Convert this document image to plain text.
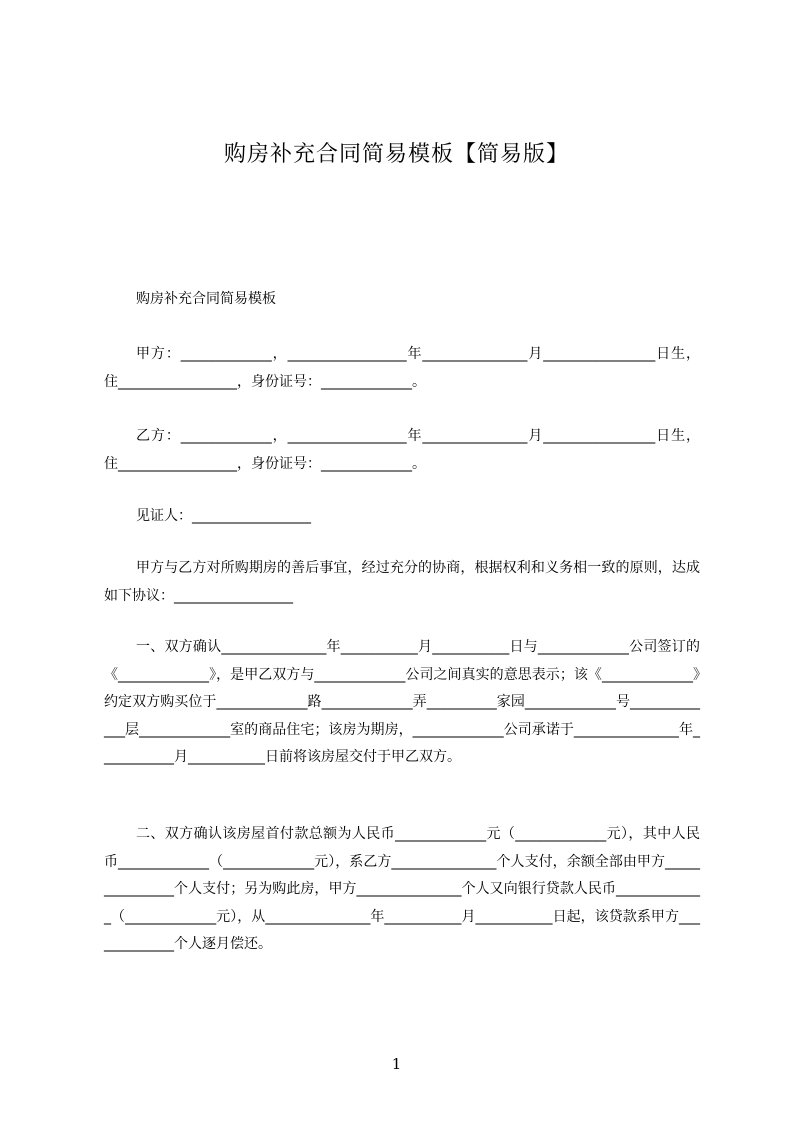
购房补充合同简易模板【简易版】
购房补充合同简易模板
甲方：_____________，_________________年_______________月________________日生，住_________________，身份证号：_____________。
乙方：_____________，_________________年_______________月________________日生，住_________________，身份证号：_____________。
见证人：_________________
甲方与乙方对所购期房的善后事宜，经过充分的协商，根据权利和义务相一致的原则，达成如下协议：_________________
一、双方确认_______________年___________月___________日与_____________公司签订的《_____________》，是甲乙双方与_____________公司之间真实的意思表示；该《_____________》约定双方购买位于_____________路_____________弄__________家园_____________号_____________层_____________室的商品住宅；该房为期房，_____________公司承诺于_______________年___________月___________日前将该房屋交付于甲乙双方。
二、双方确认该房屋首付款总额为人民币_____________元（_____________元），其中人民币_____________（_____________元），系乙方_______________个人支付，余额全部由甲方_______________个人支付；另为购此房，甲方_______________个人又向银行贷款人民币_____________（_____________元），从_______________年___________月___________日起，该贷款系甲方_____________个人逐月偿还。
1
